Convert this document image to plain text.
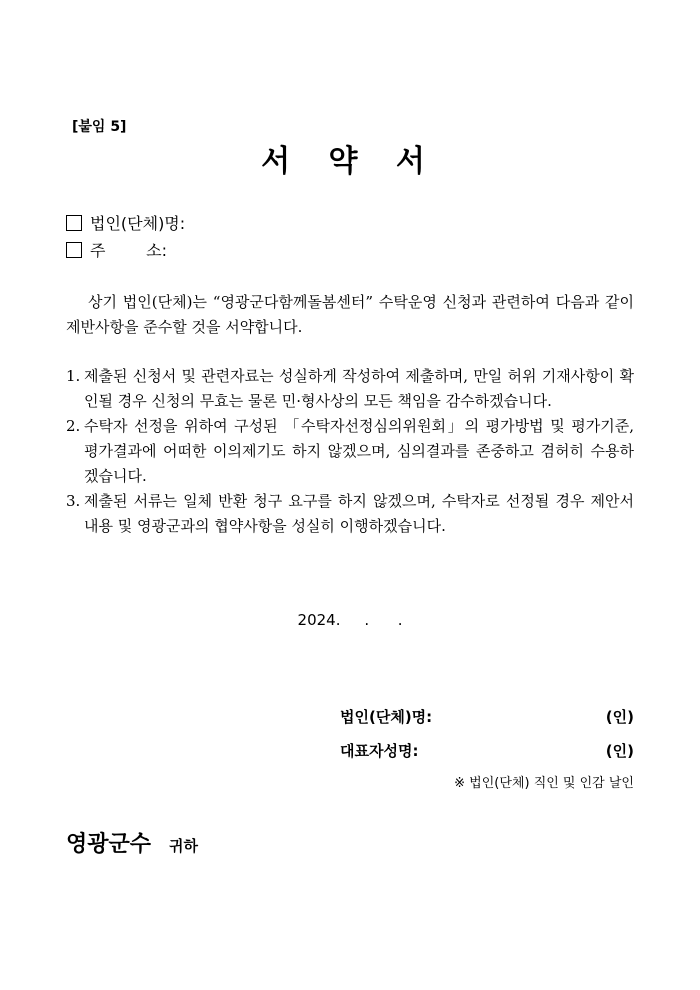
[붙임 5]
서 약 서
법인(단체)명:
주        소:
상기 법인(단체)는 “영광군다함께돌봄센터” 수탁운영 신청과 관련하여 다음과 같이 제반사항을 준수할 것을 서약합니다.
1. 제출된 신청서 및 관련자료는 성실하게 작성하여 제출하며, 만일 허위 기재사항이 확인될 경우 신청의 무효는 물론 민·형사상의 모든 책임을 감수하겠습니다.
2. 수탁자 선정을 위하여 구성된 「수탁자선정심의위원회」의 평가방법 및 평가기준, 평가결과에 어떠한 이의제기도 하지 않겠으며, 심의결과를 존중하고 겸허히 수용하겠습니다.
3. 제출된 서류는 일체 반환 청구 요구를 하지 않겠으며, 수탁자로 선정될 경우 제안서 내용 및 영광군과의 협약사항을 성실히 이행하겠습니다.
2024.     .      .
법인(단체)명:	(인)
대표자성명:	(인)
※ 법인(단체) 직인 및 인감 날인
영광군수 귀하
